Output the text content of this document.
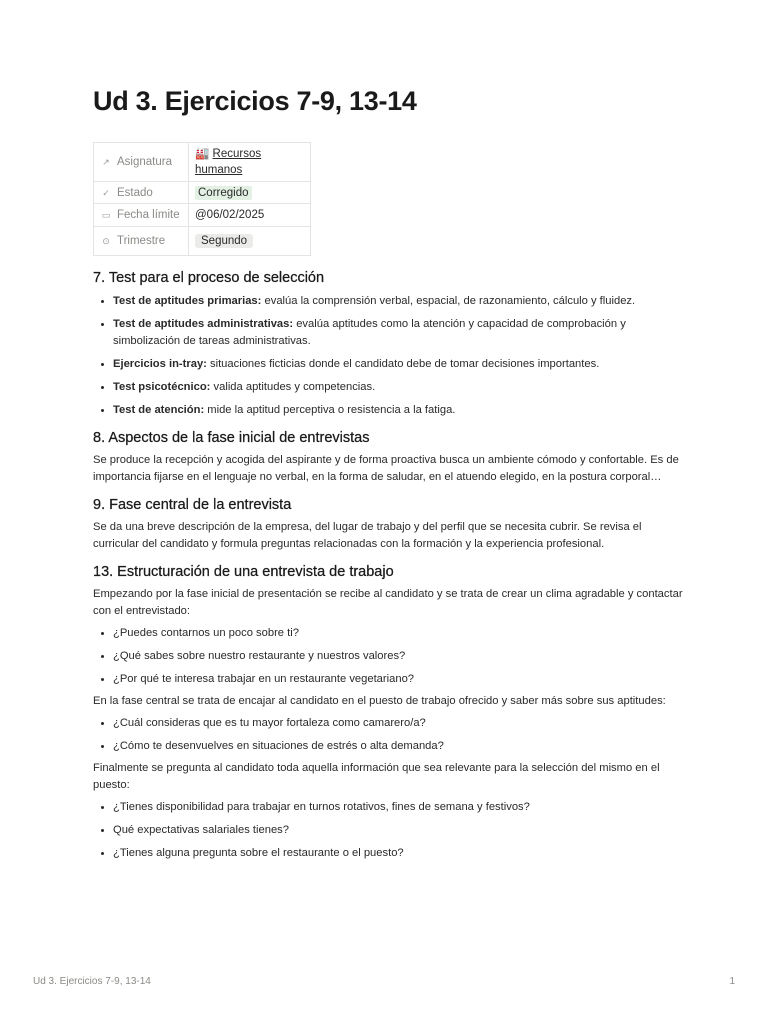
Ud 3. Ejercicios 7-9, 13-14
↗ Asignatura	🏭 Recursos humanos
✓ Estado	Corregido
▭ Fecha límite	@06/02/2025
⊙ Trimestre	Segundo
7. Test para el proceso de selección
• Test de aptitudes primarias: evalúa la comprensión verbal, espacial, de razonamiento, cálculo y fluidez.
• Test de aptitudes administrativas: evalúa aptitudes como la atención y capacidad de comprobación y simbolización de tareas administrativas.
• Ejercicios in-tray: situaciones ficticias donde el candidato debe de tomar decisiones importantes.
• Test psicotécnico: valida aptitudes y competencias.
• Test de atención: mide la aptitud perceptiva o resistencia a la fatiga.
8. Aspectos de la fase inicial de entrevistas

Se produce la recepción y acogida del aspirante y de forma proactiva busca un ambiente cómodo y confortable. Es de importancia fijarse en el lenguaje no verbal, en la forma de saludar, en el atuendo elegido, en la postura corporal…

9. Fase central de la entrevista

Se da una breve descripción de la empresa, del lugar de trabajo y del perfil que se necesita cubrir. Se revisa el curricular del candidato y formula preguntas relacionadas con la formación y la experiencia profesional.

13. Estructuración de una entrevista de trabajo

Empezando por la fase inicial de presentación se recibe al candidato y se trata de crear un clima agradable y contactar con el entrevistado:

• ¿Puedes contarnos un poco sobre ti?
• ¿Qué sabes sobre nuestro restaurante y nuestros valores?
• ¿Por qué te interesa trabajar en un restaurante vegetariano?

En la fase central se trata de encajar al candidato en el puesto de trabajo ofrecido y saber más sobre sus aptitudes:

• ¿Cuál consideras que es tu mayor fortaleza como camarero/a?
• ¿Cómo te desenvuelves en situaciones de estrés o alta demanda?

Finalmente se pregunta al candidato toda aquella información que sea relevante para la selección del mismo en el puesto:

• ¿Tienes disponibilidad para trabajar en turnos rotativos, fines de semana y festivos?
• Qué expectativas salariales tienes?
• ¿Tienes alguna pregunta sobre el restaurante o el puesto?
Ud 3. Ejercicios 7-9, 13-14	1
